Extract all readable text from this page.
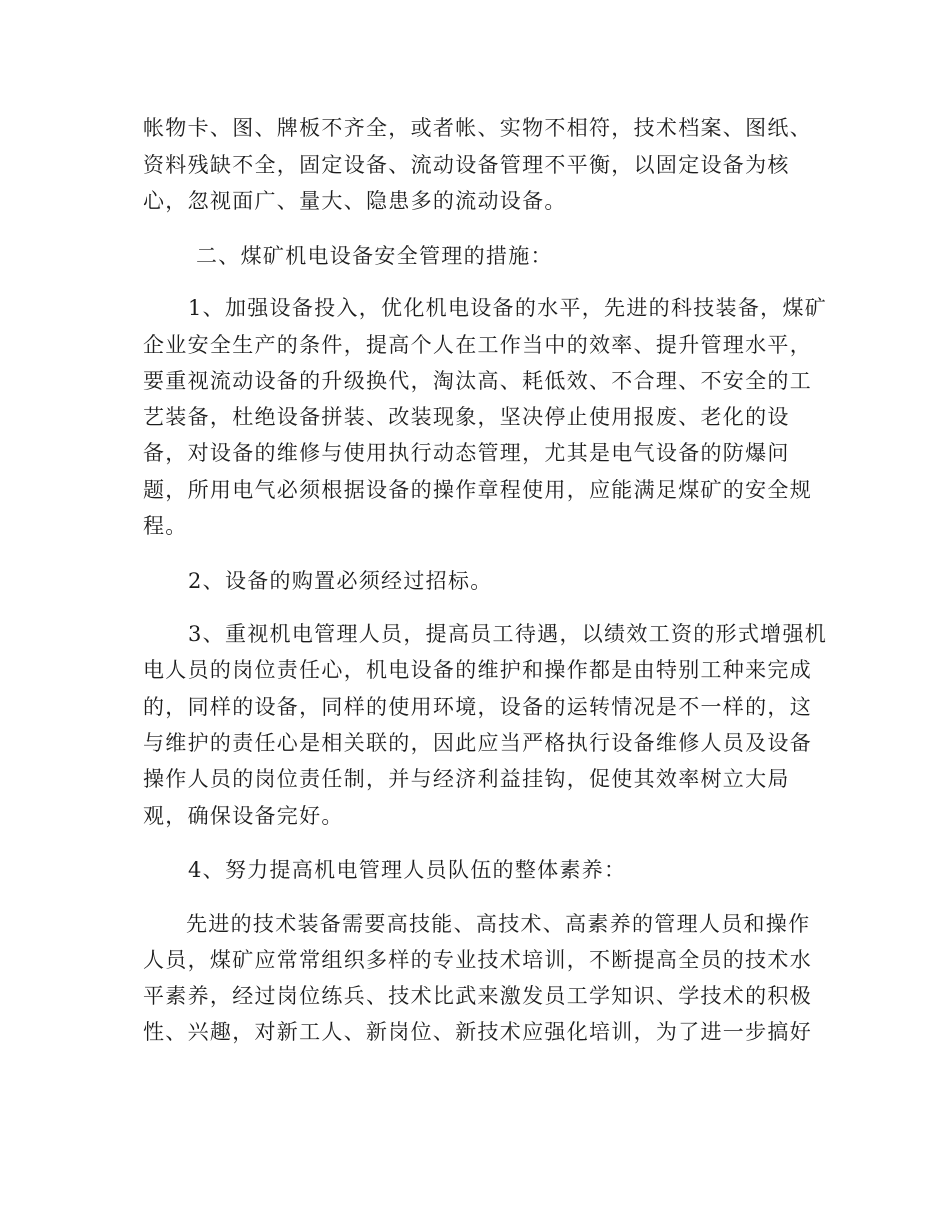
帐物卡、图、牌板不齐全，或者帐、实物不相符，技术档案、图纸、
资料残缺不全，固定设备、流动设备管理不平衡，以固定设备为核
心，忽视面广、量大、隐患多的流动设备。
二、煤矿机电设备安全管理的措施：
1、加强设备投入，优化机电设备的水平，先进的科技装备，煤矿
企业安全生产的条件，提高个人在工作当中的效率、提升管理水平，
要重视流动设备的升级换代，淘汰高、耗低效、不合理、不安全的工
艺装备，杜绝设备拼装、改装现象，坚决停止使用报废、老化的设
备，对设备的维修与使用执行动态管理，尤其是电气设备的防爆问
题，所用电气必须根据设备的操作章程使用，应能满足煤矿的安全规
程。
2、设备的购置必须经过招标。
3、重视机电管理人员，提高员工待遇，以绩效工资的形式增强机
电人员的岗位责任心，机电设备的维护和操作都是由特别工种来完成
的，同样的设备，同样的使用环境，设备的运转情况是不一样的，这
与维护的责任心是相关联的，因此应当严格执行设备维修人员及设备
操作人员的岗位责任制，并与经济利益挂钩，促使其效率树立大局
观，确保设备完好。
4、努力提高机电管理人员队伍的整体素养：
先进的技术装备需要高技能、高技术、高素养的管理人员和操作
人员，煤矿应常常组织多样的专业技术培训，不断提高全员的技术水
平素养，经过岗位练兵、技术比武来激发员工学知识、学技术的积极
性、兴趣，对新工人、新岗位、新技术应强化培训，为了进一步搞好
